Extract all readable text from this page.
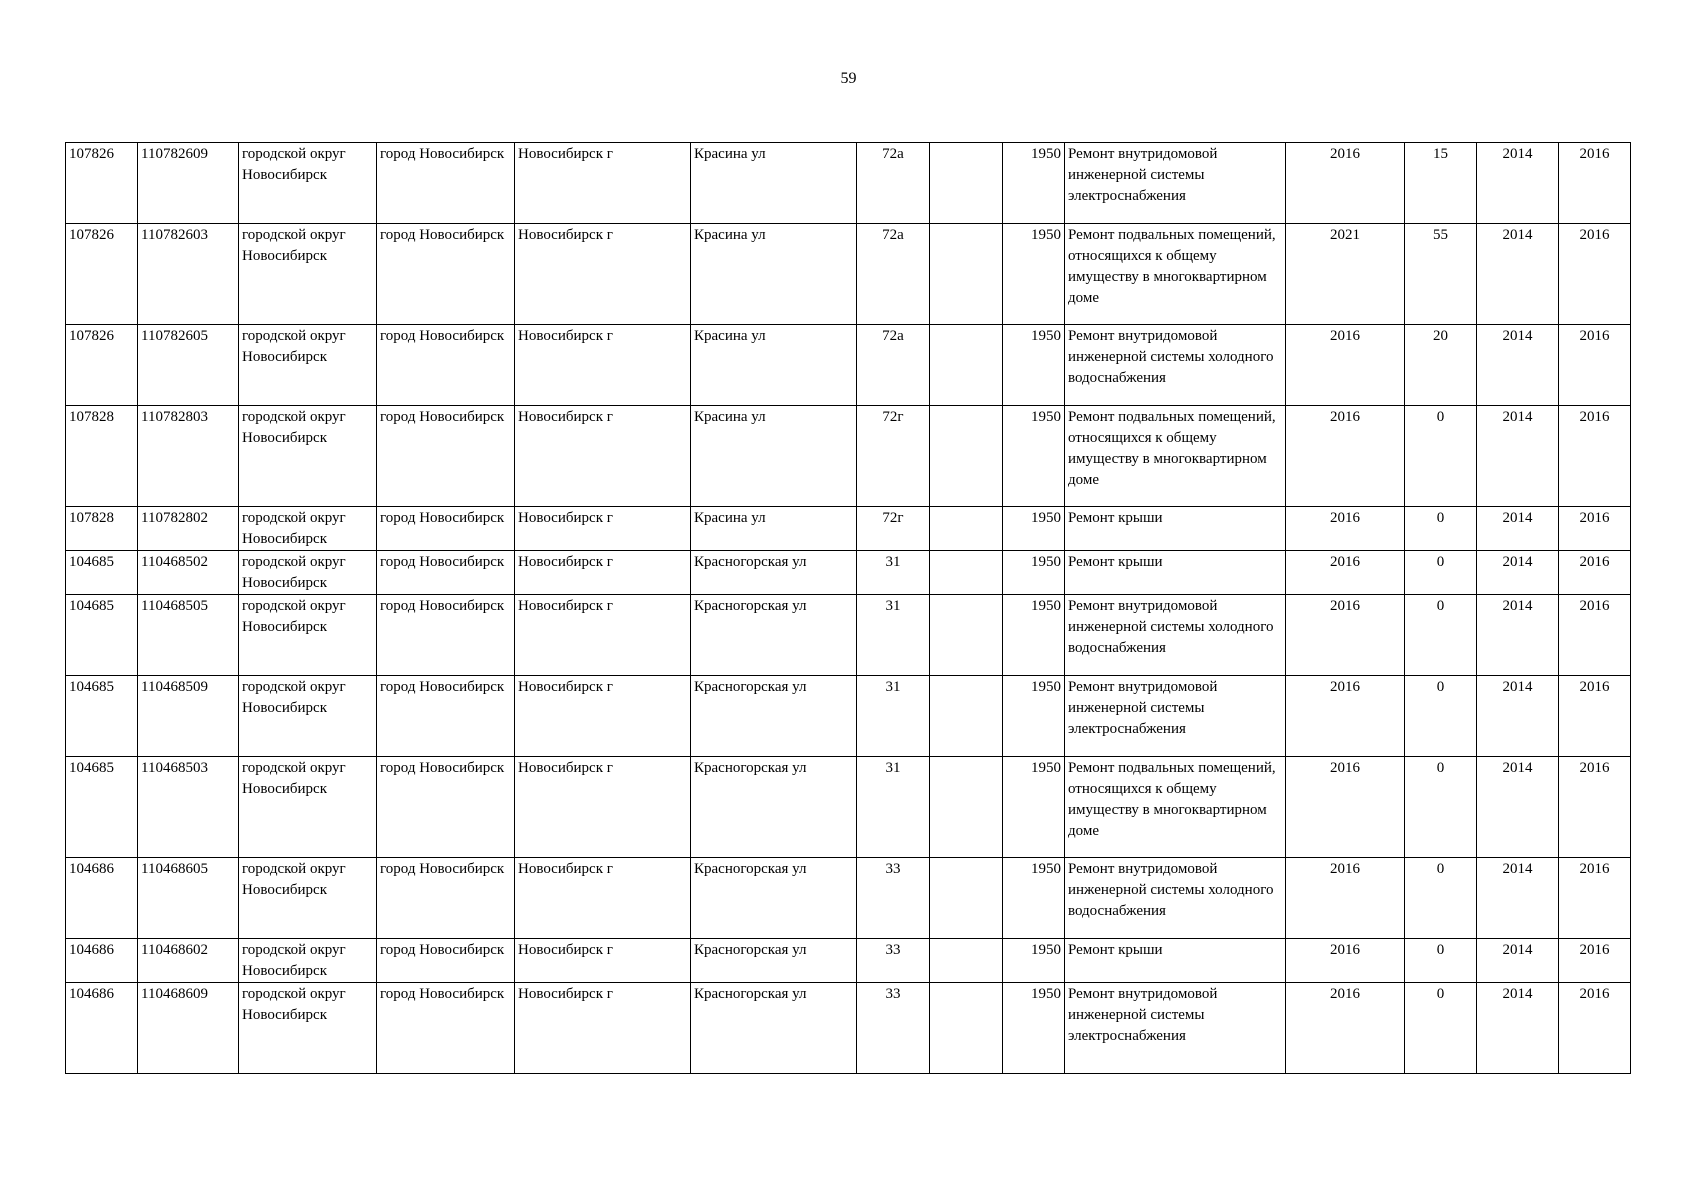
59
107826	110782609	городской округ Новосибирск	город Новосибирск	Новосибирск г	Красина ул	72а		1950	Ремонт внутридомовой инженерной системы электроснабжения	2016	15	2014	2016
107826	110782603	городской округ Новосибирск	город Новосибирск	Новосибирск г	Красина ул	72а		1950	Ремонт подвальных помещений, относящихся к общему имуществу в многоквартирном доме	2021	55	2014	2016
107826	110782605	городской округ Новосибирск	город Новосибирск	Новосибирск г	Красина ул	72а		1950	Ремонт внутридомовой инженерной системы холодного водоснабжения	2016	20	2014	2016
107828	110782803	городской округ Новосибирск	город Новосибирск	Новосибирск г	Красина ул	72г		1950	Ремонт подвальных помещений, относящихся к общему имуществу в многоквартирном доме	2016	0	2014	2016
107828	110782802	городской округ Новосибирск	город Новосибирск	Новосибирск г	Красина ул	72г		1950	Ремонт крыши	2016	0	2014	2016
104685	110468502	городской округ Новосибирск	город Новосибирск	Новосибирск г	Красногорская ул	31		1950	Ремонт крыши	2016	0	2014	2016
104685	110468505	городской округ Новосибирск	город Новосибирск	Новосибирск г	Красногорская ул	31		1950	Ремонт внутридомовой инженерной системы холодного водоснабжения	2016	0	2014	2016
104685	110468509	городской округ Новосибирск	город Новосибирск	Новосибирск г	Красногорская ул	31		1950	Ремонт внутридомовой инженерной системы электроснабжения	2016	0	2014	2016
104685	110468503	городской округ Новосибирск	город Новосибирск	Новосибирск г	Красногорская ул	31		1950	Ремонт подвальных помещений, относящихся к общему имуществу в многоквартирном доме	2016	0	2014	2016
104686	110468605	городской округ Новосибирск	город Новосибирск	Новосибирск г	Красногорская ул	33		1950	Ремонт внутридомовой инженерной системы холодного водоснабжения	2016	0	2014	2016
104686	110468602	городской округ Новосибирск	город Новосибирск	Новосибирск г	Красногорская ул	33		1950	Ремонт крыши	2016	0	2014	2016
104686	110468609	городской округ Новосибирск	город Новосибирск	Новосибирск г	Красногорская ул	33		1950	Ремонт внутридомовой инженерной системы электроснабжения	2016	0	2014	2016
